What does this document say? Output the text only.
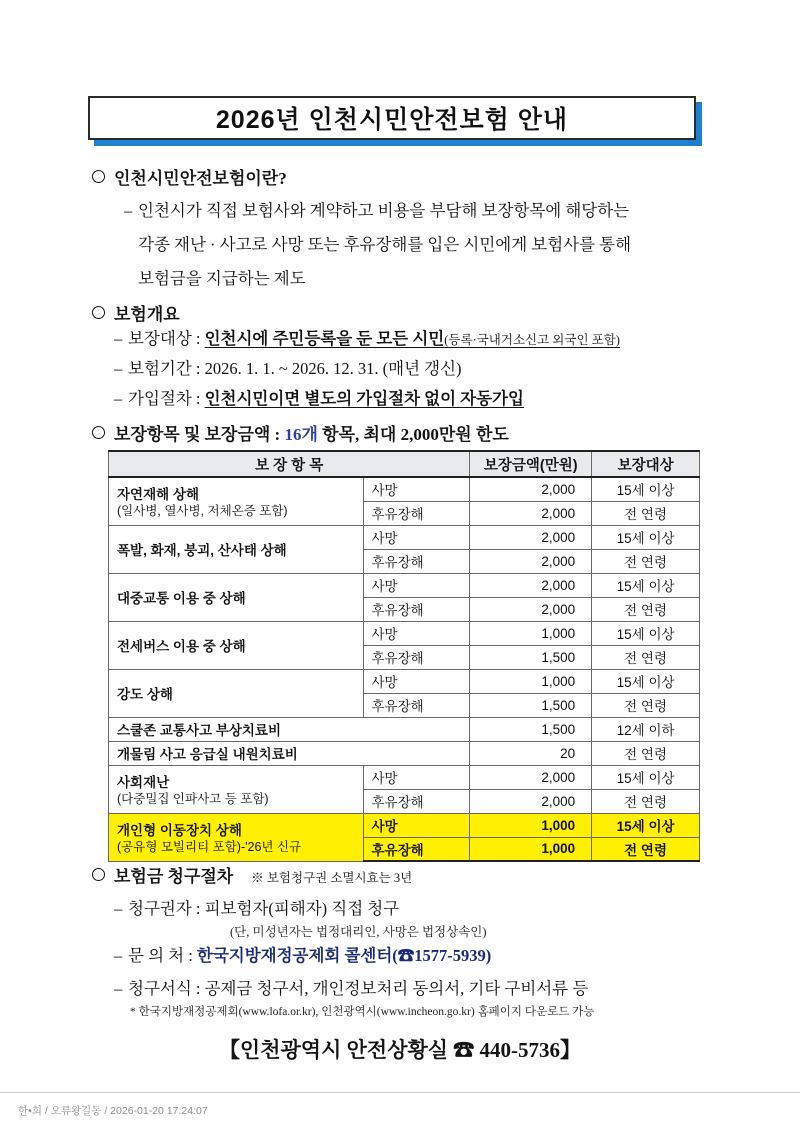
2026년 인천시민안전보험 안내
인천시민안전보험이란?
– 인천시가 직접 보험사와 계약하고 비용을 부담해 보장항목에 해당하는
각종 재난 · 사고로 사망 또는 후유장해를 입은 시민에게 보험사를 통해
보험금을 지급하는 제도
보험개요
– 보장대상 : 인천시에 주민등록을 둔 모든 시민(등록·국내거소신고 외국인 포함)
– 보험기간 : 2026. 1. 1. ~ 2026. 12. 31. (매년 갱신)
– 가입절차 : 인천시민이면 별도의 가입절차 없이 자동가입
보장항목 및 보장금액 : 16개 항목, 최대 2,000만원 한도
보 장 항 목		보장금액(만원)	보장대상
자연재해 상해
(일사병, 열사병, 저체온증 포함)	사망	2,000	15세 이상
	후유장해	2,000	전 연령
폭발, 화재, 붕괴, 산사태 상해	사망	2,000	15세 이상
	후유장해	2,000	전 연령
대중교통 이용 중 상해	사망	2,000	15세 이상
	후유장해	2,000	전 연령
전세버스 이용 중 상해	사망	1,000	15세 이상
	후유장해	1,500	전 연령
강도 상해	사망	1,000	15세 이상
	후유장해	1,500	전 연령
스쿨존 교통사고 부상치료비		1,500	12세 이하
개물림 사고 응급실 내원치료비		20	전 연령
사회재난
(다중밀집 인파사고 등 포함)	사망	2,000	15세 이상
	후유장해	2,000	전 연령
개인형 이동장치 상해
(공유형 모빌리티 포함)-'26년 신규	사망	1,000	15세 이상
	후유장해	1,000	전 연령
보험금 청구절차 ※ 보험청구권 소멸시효는 3년
– 청구권자 : 피보험자(피해자) 직접 청구
(단, 미성년자는 법정대리인, 사망은 법정상속인)
– 문 의 처 : 한국지방재정공제회 콜센터(☎1577-5939)
– 청구서식 : 공제금 청구서, 개인정보처리 동의서, 기타 구비서류 등
* 한국지방재정공제회(www.lofa.or.kr), 인천광역시(www.incheon.go.kr) 홈페이지 다운로드 가능
【인천광역시 안전상황실 ☎ 440-5736】
한•희 / 오류왕길동 / 2026-01-20 17:24:07
